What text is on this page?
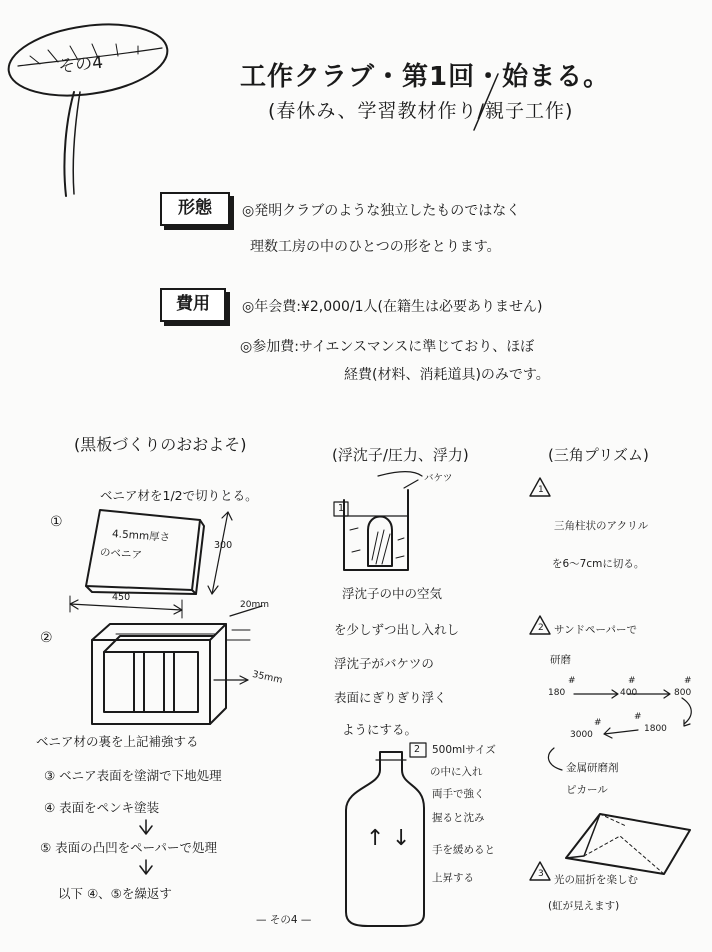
その4	工作クラブ・第1回・始まる。
(春休み、学習教材作り/親子工作)
形態	◎発明クラブのような独立したものではなく
理数工房の中のひとつの形をとります。
費用	◎年会費:¥2,000/1人(在籍生は必要ありません)
◎参加費:サイエンスマンスに準じており、ほぼ
経費(材料、消耗道具)のみです。
(黒板づくりのおおよそ)
ベニア材を1/2で切りとる。
①
4.5mm厚さ
のベニア
300
450
②
20mm
35mm
ベニア材の裏を上記補強する
③ ベニア表面を塗湖で下地処理
④ 表面をペンキ塗装
⑤ 表面の凸凹をペーパーで処理
以下 ④、⑤を繰返す
(浮沈子/圧力、浮力)
バケツ
1
浮沈子の中の空気
を少しずつ出し入れし
浮沈子がバケツの
表面にぎりぎり浮く
ようにする。
2 500mlサイズ
の中に入れ
両手で強く
握ると沈み
手を緩めると
上昇する
↑ ↓
(三角プリズム)
1
三角柱状のアクリル
を6〜7cmに切る。
2 サンドペーパーで
研磨
180	400	800
1800
3000
#	#	#
#
#
金属研磨剤
ピカール
3 光の屈折を楽しむ
(虹が見えます)
— その4 —
